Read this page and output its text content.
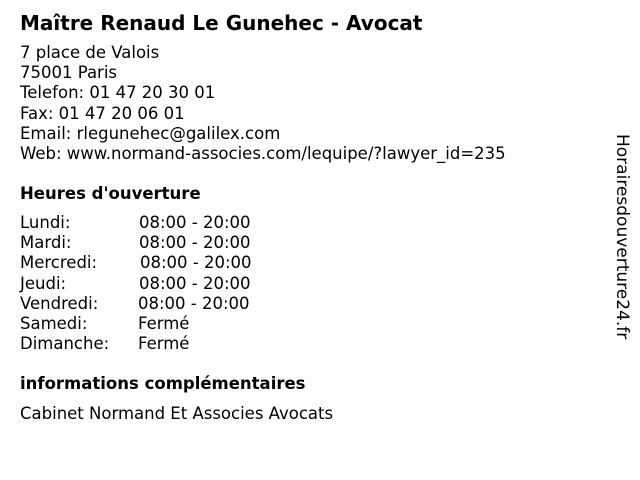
Maître Renaud Le Gunehec - Avocat
7 place de Valois
75001 Paris
Telefon: 01 47 20 30 01
Fax: 01 47 20 06 01
Email: rlegunehec@galilex.com
Web: www.normand-associes.com/lequipe/?lawyer_id=235
Heures d'ouverture
Lundi:	08:00 - 20:00
Mardi:	08:00 - 20:00
Mercredi:	08:00 - 20:00
Jeudi:	08:00 - 20:00
Vendredi: 08:00 - 20:00
Samedi:	Fermé
Dimanche: Fermé
informations complémentaires
Cabinet Normand Et Associes Avocats
Horairesdouverture24.fr
